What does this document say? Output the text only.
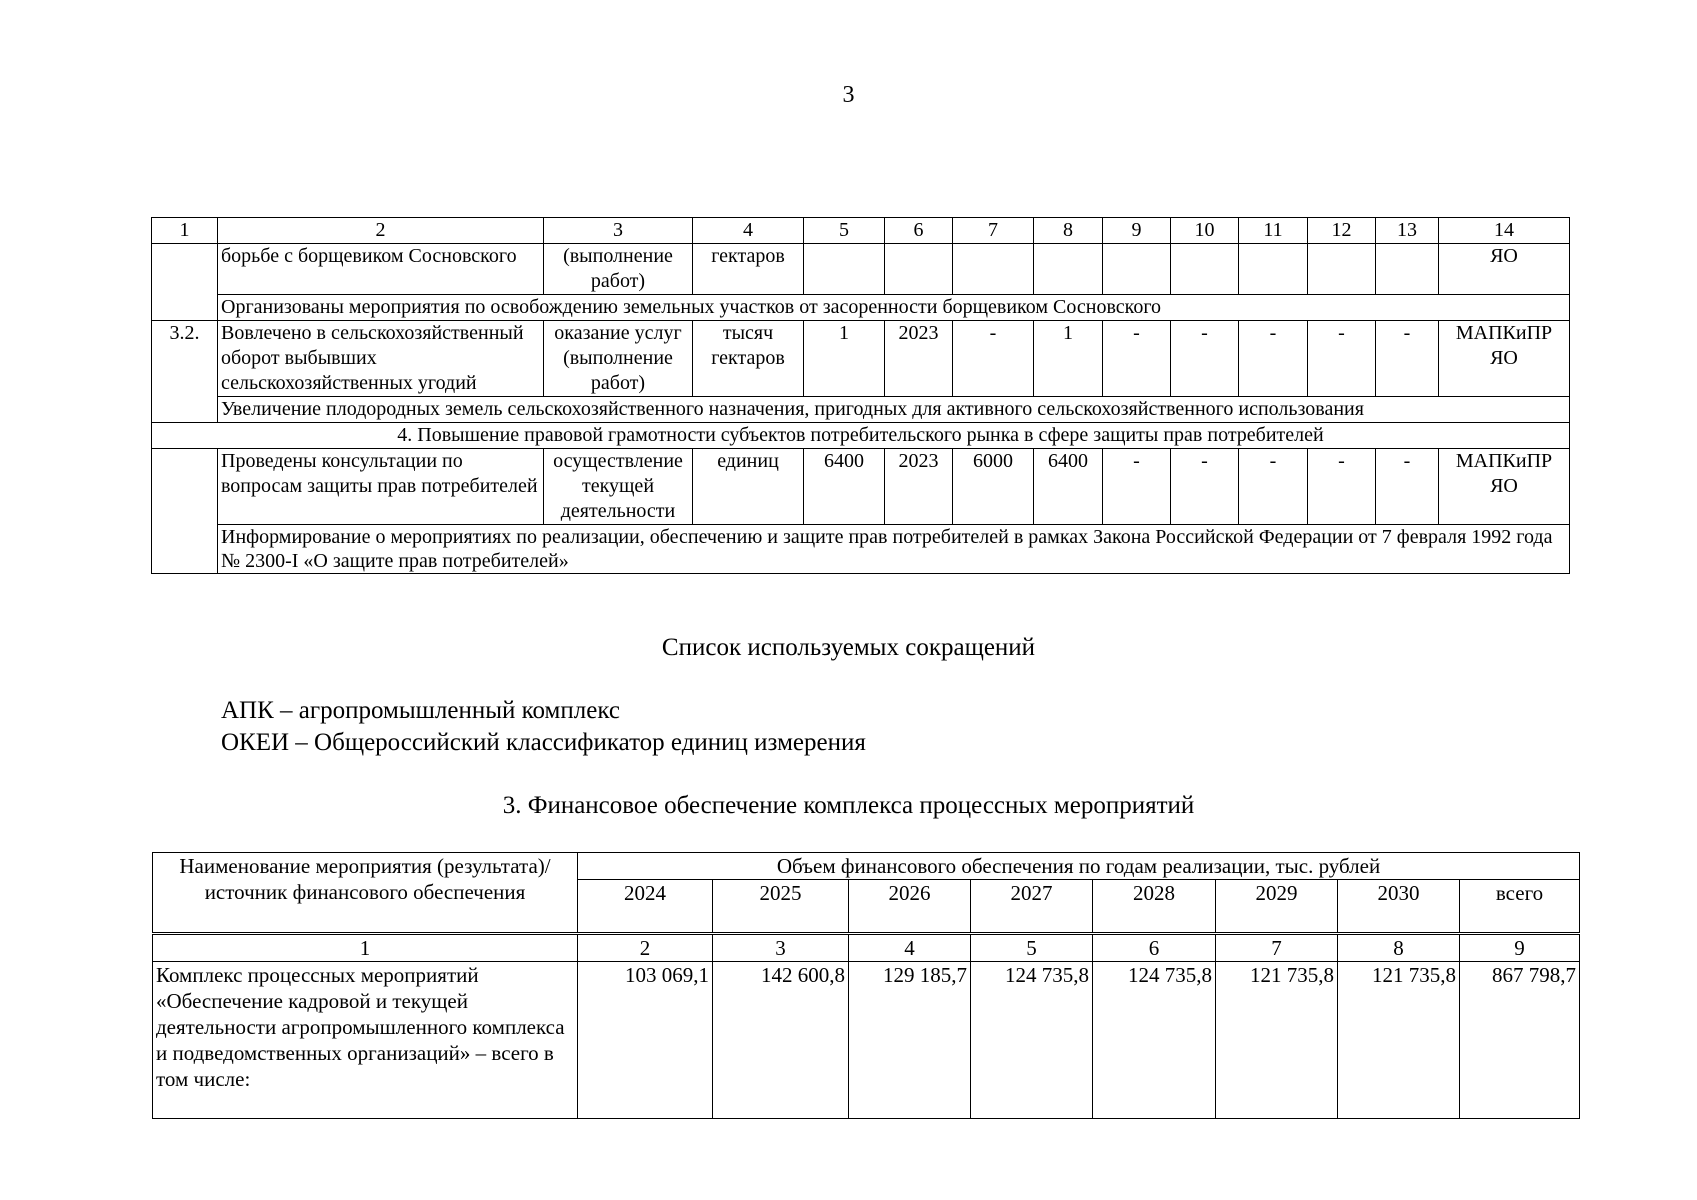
3
1	2	3	4	5	6	7	8	9	10	11	12	13	14
	борьбе с борщевиком Сосновского	(выполнение работ)	гектаров										ЯО
	Организованы мероприятия по освобождению земельных участков от засоренности борщевиком Сосновского												
3.2.	Вовлечено в сельскохозяйственный оборот выбывших сельскохозяйственных угодий	оказание услуг (выполнение работ)	тысяч гектаров	1	2023	-	1	-	-	-	-	-	МАПКиПР ЯО
	Увеличение плодородных земель сельскохозяйственного назначения, пригодных для активного сельскохозяйственного использования												
4. Повышение правовой грамотности субъектов потребительского рынка в сфере защиты прав потребителей													
	Проведены консультации по вопросам защиты прав потребителей	осуществление текущей деятельности	единиц	6400	2023	6000	6400	-	-	-	-	-	МАПКиПР ЯО
	Информирование о мероприятиях по реализации, обеспечению и защите прав потребителей в рамках Закона Российской Федерации от 7 февраля 1992 года № 2300-I «О защите прав потребителей»												
Список используемых сокращений
АПК – агропромышленный комплекс
ОКЕИ – Общероссийский классификатор единиц измерения
3. Финансовое обеспечение комплекса процессных мероприятий
Наименование мероприятия (результата)/ источник финансового обеспечения	Объем финансового обеспечения по годам реализации, тыс. рублей							
	2024	2025	2026	2027	2028	2029	2030	всего
1	2	3	4	5	6	7	8	9
Комплекс процессных мероприятий «Обеспечение кадровой и текущей деятельности агропромышленного комплекса и подведомственных организаций» – всего в том числе:	103 069,1	142 600,8	129 185,7	124 735,8	124 735,8	121 735,8	121 735,8	867 798,7
